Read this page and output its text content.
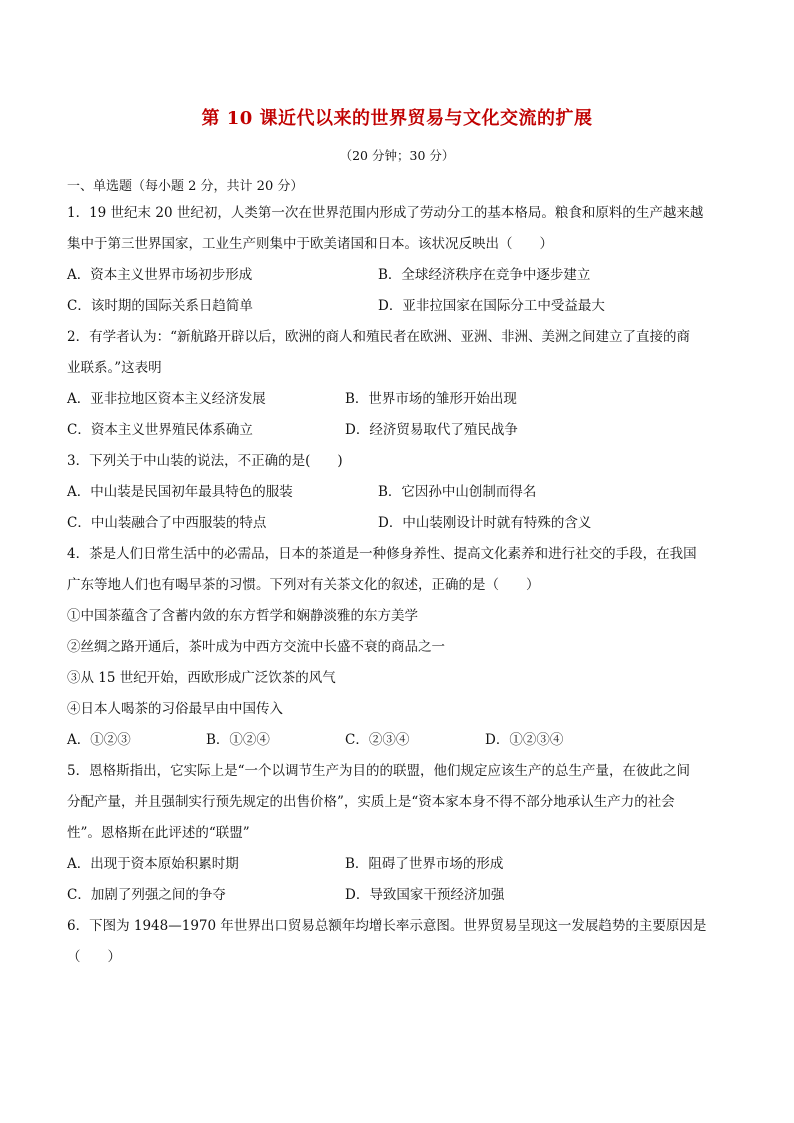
第 10 课近代以来的世界贸易与文化交流的扩展
（20 分钟；30 分）
一、单选题（每小题 2 分，共计 20 分）
1．19 世纪末 20 世纪初，人类第一次在世界范围内形成了劳动分工的基本格局。粮食和原料的生产越来越
集中于第三世界国家，工业生产则集中于欧美诸国和日本。该状况反映出（　　）
A．资本主义世界市场初步形成	B．全球经济秩序在竞争中逐步建立
C．该时期的国际关系日趋简单	D．亚非拉国家在国际分工中受益最大
2．有学者认为：“新航路开辟以后，欧洲的商人和殖民者在欧洲、亚洲、非洲、美洲之间建立了直接的商
业联系。”这表明
A．亚非拉地区资本主义经济发展	B．世界市场的雏形开始出现
C．资本主义世界殖民体系确立	D．经济贸易取代了殖民战争
3．下列关于中山装的说法，不正确的是(　　)
A．中山装是民国初年最具特色的服装	B．它因孙中山创制而得名
C．中山装融合了中西服装的特点	D．中山装刚设计时就有特殊的含义
4．茶是人们日常生活中的必需品，日本的茶道是一种修身养性、提高文化素养和进行社交的手段，在我国
广东等地人们也有喝早茶的习惯。下列对有关茶文化的叙述，正确的是（　　）
①中国茶蕴含了含蓄内敛的东方哲学和娴静淡雅的东方美学
②丝绸之路开通后，茶叶成为中西方交流中长盛不衰的商品之一
③从 15 世纪开始，西欧形成广泛饮茶的风气
④日本人喝茶的习俗最早由中国传入
A．①②③	B．①②④	C．②③④	D．①②③④
5．恩格斯指出，它实际上是“一个以调节生产为目的的联盟，他们规定应该生产的总生产量，在彼此之间
分配产量，并且强制实行预先规定的出售价格”，实质上是“资本家本身不得不部分地承认生产力的社会
性”。恩格斯在此评述的“联盟”
A．出现于资本原始积累时期	B．阻碍了世界市场的形成
C．加剧了列强之间的争夺	D．导致国家干预经济加强
6．下图为 1948—1970 年世界出口贸易总额年均增长率示意图。世界贸易呈现这一发展趋势的主要原因是
（　　）
